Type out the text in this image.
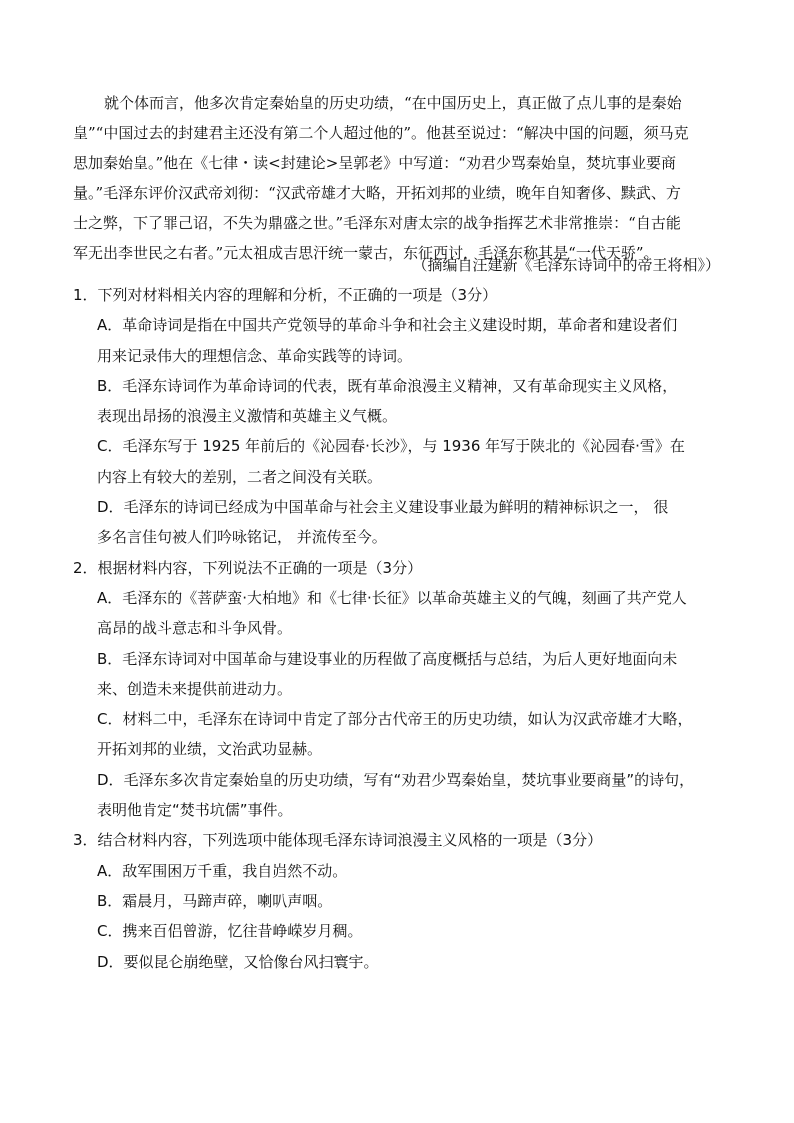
就个体而言，他多次肯定秦始皇的历史功绩，“在中国历史上，真正做了点儿事的是秦始
皇”“中国过去的封建君主还没有第二个人超过他的”。他甚至说过：“解决中国的问题，须马克
思加秦始皇。”他在《七律・读<封建论>呈郭老》中写道：“劝君少骂秦始皇，焚坑事业要商
量。”毛泽东评价汉武帝刘彻：“汉武帝雄才大略，开拓刘邦的业绩，晚年自知奢侈、黩武、方
士之弊，下了罪己诏，不失为鼎盛之世。”毛泽东对唐太宗的战争指挥艺术非常推崇：“自古能
军无出李世民之右者。”元太祖成吉思汗统一蒙古，东征西讨，毛泽东称其是“一代天骄”。
（摘编自汪建新《毛泽东诗词中的帝王将相》）
1．下列对材料相关内容的理解和分析，不正确的一项是（3分）
A．革命诗词是指在中国共产党领导的革命斗争和社会主义建设时期，革命者和建设者们
用来记录伟大的理想信念、革命实践等的诗词。
B．毛泽东诗词作为革命诗词的代表，既有革命浪漫主义精神，又有革命现实主义风格，
表现出昂扬的浪漫主义激情和英雄主义气概。
C．毛泽东写于 1925 年前后的《沁园春·长沙》，与 1936 年写于陕北的《沁园春·雪》在
内容上有较大的差别，二者之间没有关联。
D．毛泽东的诗词已经成为中国革命与社会主义建设事业最为鲜明的精神标识之一， 很
多名言佳句被人们吟咏铭记， 并流传至今。
2．根据材料内容，下列说法不正确的一项是（3分）
A．毛泽东的《菩萨蛮·大柏地》和《七律·长征》以革命英雄主义的气魄，刻画了共产党人
高昂的战斗意志和斗争风骨。
B．毛泽东诗词对中国革命与建设事业的历程做了高度概括与总结，为后人更好地面向未
来、创造未来提供前进动力。
C．材料二中，毛泽东在诗词中肯定了部分古代帝王的历史功绩，如认为汉武帝雄才大略，
开拓刘邦的业绩，文治武功显赫。
D．毛泽东多次肯定秦始皇的历史功绩，写有“劝君少骂秦始皇，焚坑事业要商量”的诗句，
表明他肯定“焚书坑儒”事件。
3．结合材料内容，下列选项中能体现毛泽东诗词浪漫主义风格的一项是（3分）
A．敌军围困万千重，我自岿然不动。
B．霜晨月，马蹄声碎，喇叭声咽。
C．携来百侣曾游，忆往昔峥嵘岁月稠。
D．要似昆仑崩绝壁，又恰像台风扫寰宇。
